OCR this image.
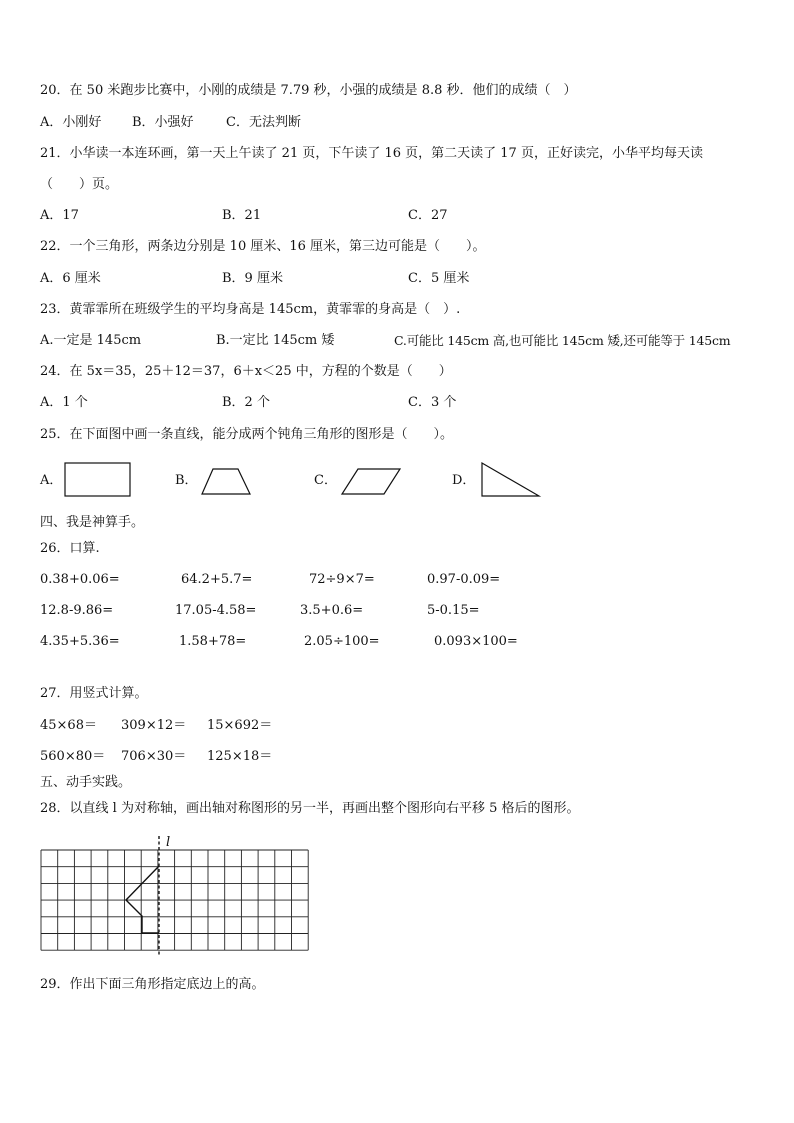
20．在 50 米跑步比赛中，小刚的成绩是 7.79 秒，小强的成绩是 8.8 秒．他们的成绩（　）
A．小刚好 B．小强好 C．无法判断
21．小华读一本连环画，第一天上午读了 21 页，下午读了 16 页，第二天读了 17 页，正好读完，小华平均每天读
（　　）页。
A．17	B．21	C．27
22．一个三角形，两条边分别是 10 厘米、16 厘米，第三边可能是（　　）。
A．6 厘米	B．9 厘米	C．5 厘米
23．黄霏霏所在班级学生的平均身高是 145cm，黄霏霏的身高是（　）.
A.一定是 145cm	B.一定比 145cm 矮	C.可能比 145cm 高,也可能比 145cm 矮,还可能等于 145cm
24．在 5x＝35，25＋12＝37，6＋x＜25 中，方程的个数是（　　）
A．1 个	B．2 个	C．3 个
25．在下面图中画一条直线，能分成两个钝角三角形的图形是（　　）。
A．	B．	C．	D．
四、我是神算手。
26．口算.
0.38+0.06=	64.2+5.7=	72÷9×7=	0.97-0.09=
12.8-9.86=	17.05-4.58=	3.5+0.6=	5-0.15=
4.35+5.36=	1.58+78=	2.05÷100=	0.093×100=
27．用竖式计算。
45×68＝ 309×12＝ 15×692＝
560×80＝ 706×30＝ 125×18＝
五、动手实践。
28．以直线 l 为对称轴，画出轴对称图形的另一半，再画出整个图形向右平移 5 格后的图形。
l
29．作出下面三角形指定底边上的高。
